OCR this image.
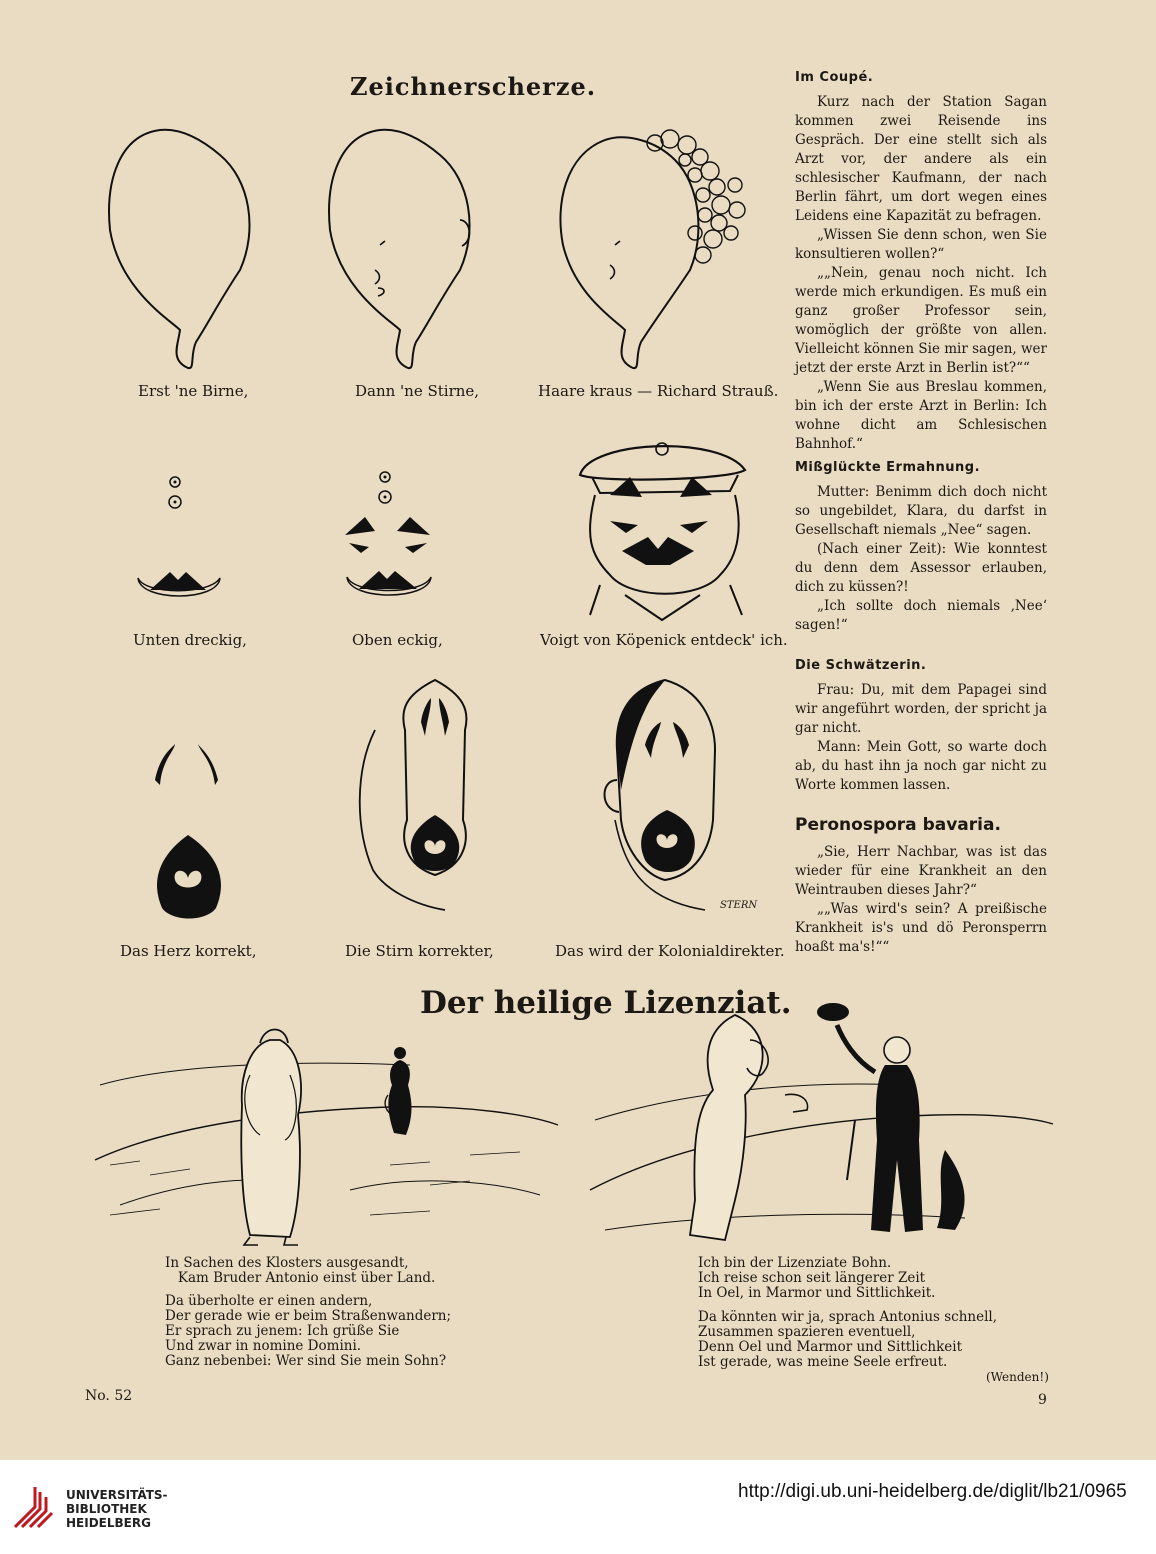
Zeichnerscherze.
Erst 'ne Birne,	Dann 'ne Stirne,	Haare kraus — Richard Strauß.
Unten dreckig,	Oben eckig,	Voigt von Köpenick entdeck' ich.
STERN
Das Herz korrekt,	Die Stirn korrekter,	Das wird der Kolonialdirekter.
Im Coupé.

Kurz nach der Station Sagan kommen zwei Reisende ins Gespräch. Der eine stellt sich als Arzt vor, der andere als ein schlesischer Kaufmann, der nach Berlin fährt, um dort wegen eines Leidens eine Kapazität zu befragen.

„Wissen Sie denn schon, wen Sie konsultieren wollen?“

„„Nein, genau noch nicht. Ich werde mich erkundigen. Es muß ein ganz großer Professor sein, womöglich der größte von allen. Vielleicht können Sie mir sagen, wer jetzt der erste Arzt in Berlin ist?““

„Wenn Sie aus Breslau kommen, bin ich der erste Arzt in Berlin: Ich wohne dicht am Schlesischen Bahnhof.“

Mißglückte Ermahnung.

Mutter: Benimm dich doch nicht so ungebildet, Klara, du darfst in Gesellschaft niemals „Nee“ sagen.

(Nach einer Zeit): Wie konntest du denn dem Assessor erlauben, dich zu küssen?!

„Ich sollte doch niemals ‚Nee‘ sagen!“

Die Schwätzerin.

Frau: Du, mit dem Papagei sind wir angeführt worden, der spricht ja gar nicht.

Mann: Mein Gott, so warte doch ab, du hast ihn ja noch gar nicht zu Worte kommen lassen.

Peronospora bavaria.

„Sie, Herr Nachbar, was ist das wieder für eine Krankheit an den Weintrauben dieses Jahr?“

„„Was wird's sein? A preißische Krankheit is's und dö Peronsperrn hoaßt ma's!““

Der heilige Lizenziat.
In Sachen des Klosters ausgesandt,
Kam Bruder Antonio einst über Land.
Da überholte er einen andern,
Der gerade wie er beim Straßenwandern;
Er sprach zu jenem: Ich grüße Sie
Und zwar in nomine Domini.
Ganz nebenbei: Wer sind Sie mein Sohn?
Ich bin der Lizenziate Bohn.
Ich reise schon seit längerer Zeit
In Oel, in Marmor und Sittlichkeit.
Da könnten wir ja, sprach Antonius schnell,
Zusammen spazieren eventuell,
Denn Oel und Marmor und Sittlichkeit
Ist gerade, was meine Seele erfreut.
(Wenden!)
No. 52	9
UNIVERSITÄTS-
BIBLIOTHEK
HEIDELBERG
http://digi.ub.uni-heidelberg.de/diglit/lb21/0965
